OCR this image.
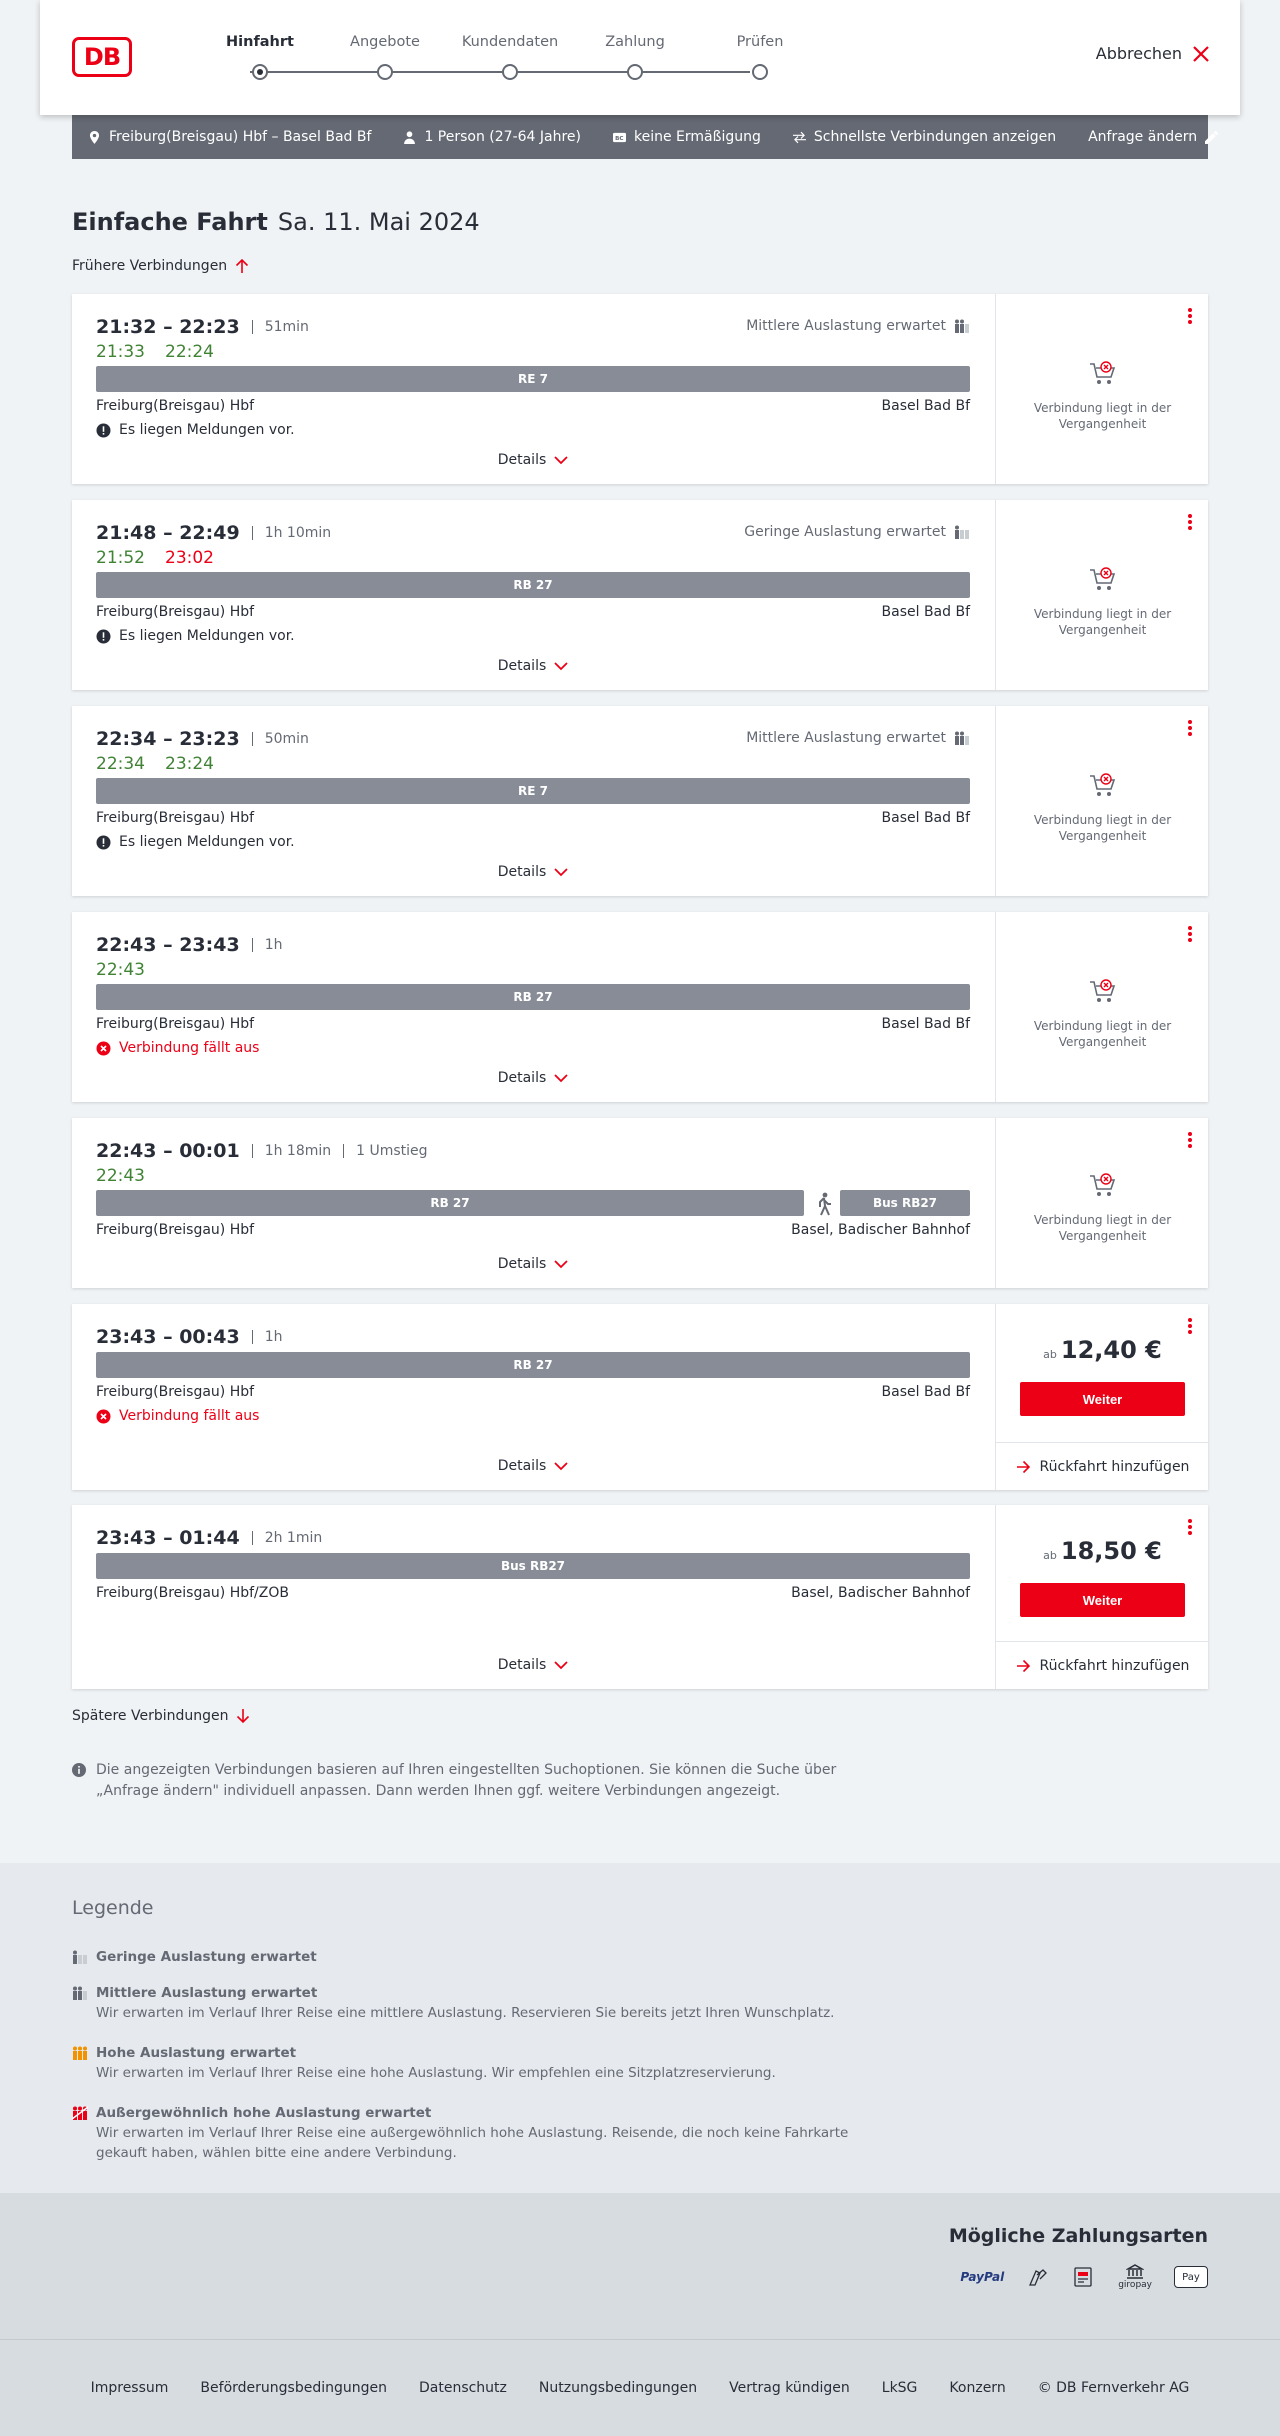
DB
Hinfahrt	Angebote	Kundendaten	Zahlung	Prüfen
Abbrechen
Freiburg(Breisgau) Hbf – Basel Bad Bf	1 Person (27-64 Jahre)	BC keine Ermäßigung	Schnellste Verbindungen anzeigen Anfrage ändern
Einfache Fahrt Sa. 11. Mai 2024
Frühere Verbindungen
21:32 – 22:23	51min
21:33 22:24
Mittlere Auslastung erwartet
RE 7
Freiburg(Breisgau) Hbf	Basel Bad Bf
Es liegen Meldungen vor.
Details
Verbindung liegt in der Vergangenheit
21:48 – 22:49	1h 10min
21:52 23:02
Geringe Auslastung erwartet
RB 27
Freiburg(Breisgau) Hbf	Basel Bad Bf
Es liegen Meldungen vor.
Details
Verbindung liegt in der Vergangenheit
22:34 – 23:23	50min
22:34 23:24
Mittlere Auslastung erwartet
RE 7
Freiburg(Breisgau) Hbf	Basel Bad Bf
Es liegen Meldungen vor.
Details
Verbindung liegt in der Vergangenheit
22:43 – 23:43	1h
22:43
RB 27
Freiburg(Breisgau) Hbf	Basel Bad Bf
Verbindung fällt aus
Details
Verbindung liegt in der Vergangenheit
22:43 – 00:01	1h 18min	1 Umstieg
22:43
RB 27	Bus RB27
Freiburg(Breisgau) Hbf	Basel, Badischer Bahnhof
Details
Verbindung liegt in der Vergangenheit
23:43 – 00:43	1h
RB 27
Freiburg(Breisgau) Hbf	Basel Bad Bf
Verbindung fällt aus
Details
ab 12,40 €
Weiter
Rückfahrt hinzufügen
23:43 – 01:44	2h 1min
Bus RB27
Freiburg(Breisgau) Hbf/ZOB	Basel, Badischer Bahnhof
Details
ab 18,50 €
Weiter
Rückfahrt hinzufügen
Spätere Verbindungen
Die angezeigten Verbindungen basieren auf Ihren eingestellten Suchoptionen. Sie können die Suche über „Anfrage ändern" individuell anpassen. Dann werden Ihnen ggf. weitere Verbindungen angezeigt.
Legende
Geringe Auslastung erwartet
Mittlere Auslastung erwartet
Wir erwarten im Verlauf Ihrer Reise eine mittlere Auslastung. Reservieren Sie bereits jetzt Ihren Wunschplatz.
Hohe Auslastung erwartet
Wir erwarten im Verlauf Ihrer Reise eine hohe Auslastung. Wir empfehlen eine Sitzplatzreservierung.
Außergewöhnlich hohe Auslastung erwartet
Wir erwarten im Verlauf Ihrer Reise eine außergewöhnlich hohe Auslastung. Reisende, die noch keine Fahrkarte gekauft haben, wählen bitte eine andere Verbindung.
Mögliche Zahlungsarten
PayPal
giropay
Pay
Impressum Beförderungsbedingungen Datenschutz Nutzungsbedingungen Vertrag kündigen LkSG Konzern © DB Fernverkehr AG
